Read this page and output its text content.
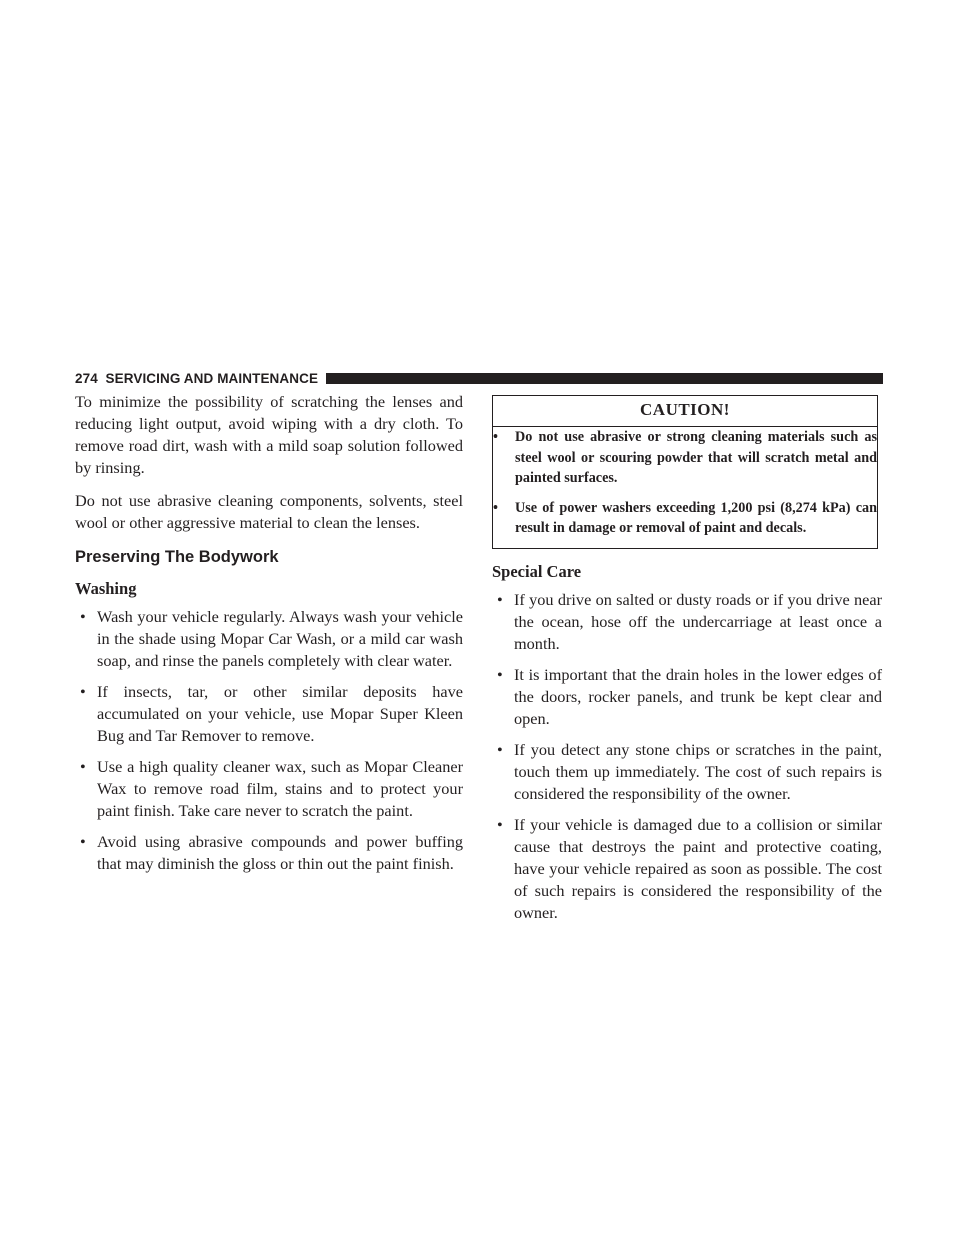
274 SERVICING AND MAINTENANCE

To minimize the possibility of scratching the lenses and reducing light output, avoid wiping with a dry cloth. To remove road dirt, wash with a mild soap solution followed by rinsing.

Do not use abrasive cleaning components, solvents, steel wool or other aggressive material to clean the lenses.

Preserving The Bodywork
Washing
• Wash your vehicle regularly. Always wash your vehicle in the shade using Mopar Car Wash, or a mild car wash soap, and rinse the panels completely with clear water.
• If insects, tar, or other similar deposits have accumulated on your vehicle, use Mopar Super Kleen Bug and Tar Remover to remove.
• Use a high quality cleaner wax, such as Mopar Cleaner Wax to remove road film, stains and to protect your paint finish. Take care never to scratch the paint.
• Avoid using abrasive compounds and power buffing that may diminish the gloss or thin out the paint finish.
CAUTION!
• Do not use abrasive or strong cleaning materials such as steel wool or scouring powder that will scratch metal and painted surfaces.
• Use of power washers exceeding 1,200 psi (8,274 kPa) can result in damage or removal of paint and decals.
Special Care
• If you drive on salted or dusty roads or if you drive near the ocean, hose off the undercarriage at least once a month.
• It is important that the drain holes in the lower edges of the doors, rocker panels, and trunk be kept clear and open.
• If you detect any stone chips or scratches in the paint, touch them up immediately. The cost of such repairs is considered the responsibility of the owner.
• If your vehicle is damaged due to a collision or similar cause that destroys the paint and protective coating, have your vehicle repaired as soon as possible. The cost of such repairs is considered the responsibility of the owner.
